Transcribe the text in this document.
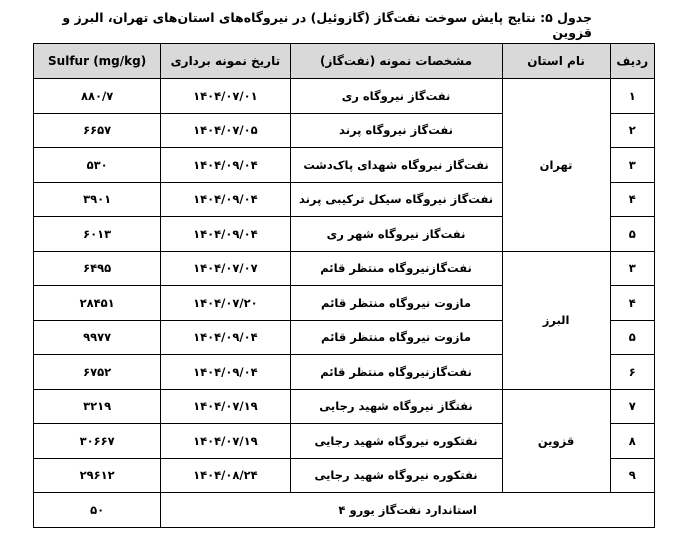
جدول ۵: نتایج پایش سوخت نفت‌گاز (گازوئیل) در نیروگاه‌های استان‌های تهران، البرز و قزوین
ردیف	نام استان	مشخصات نمونه (نفت‌گاز)	تاریخ نمونه برداری	Sulfur (mg/kg)
۱	تهران	نفت‌گاز نیروگاه ری	۱۴۰۴/۰۷/۰۱	۸۸۰/۷
۲		نفت‌گاز نیروگاه پرند	۱۴۰۴/۰۷/۰۵	۶۶۵۷
۳		نفت‌گاز نیروگاه شهدای پاک‌دشت	۱۴۰۴/۰۹/۰۴	۵۳۰
۴		نفت‌گاز نیروگاه سیکل ترکیبی پرند	۱۴۰۴/۰۹/۰۴	۳۹۰۱
۵		نفت‌گاز نیروگاه شهر ری	۱۴۰۴/۰۹/۰۴	۶۰۱۳
۳	البرز	نفت‌گازنیروگاه منتظر قائم	۱۴۰۴/۰۷/۰۷	۶۴۹۵
۴		مازوت نیروگاه منتظر قائم	۱۴۰۴/۰۷/۲۰	۲۸۴۵۱
۵		مازوت نیروگاه منتظر قائم	۱۴۰۴/۰۹/۰۴	۹۹۷۷
۶		نفت‌گازنیروگاه منتظر قائم	۱۴۰۴/۰۹/۰۴	۶۷۵۲
۷	قزوین	نفتگاز نیروگاه شهید رجایی	۱۴۰۴/۰۷/۱۹	۳۲۱۹
۸		نفتکوره نیروگاه شهید رجایی	۱۴۰۴/۰۷/۱۹	۳۰۶۶۷
۹		نفتکوره نیروگاه شهید رجایی	۱۴۰۴/۰۸/۲۴	۲۹۶۱۲
استاندارد نفت‌گاز یورو ۴				۵۰
